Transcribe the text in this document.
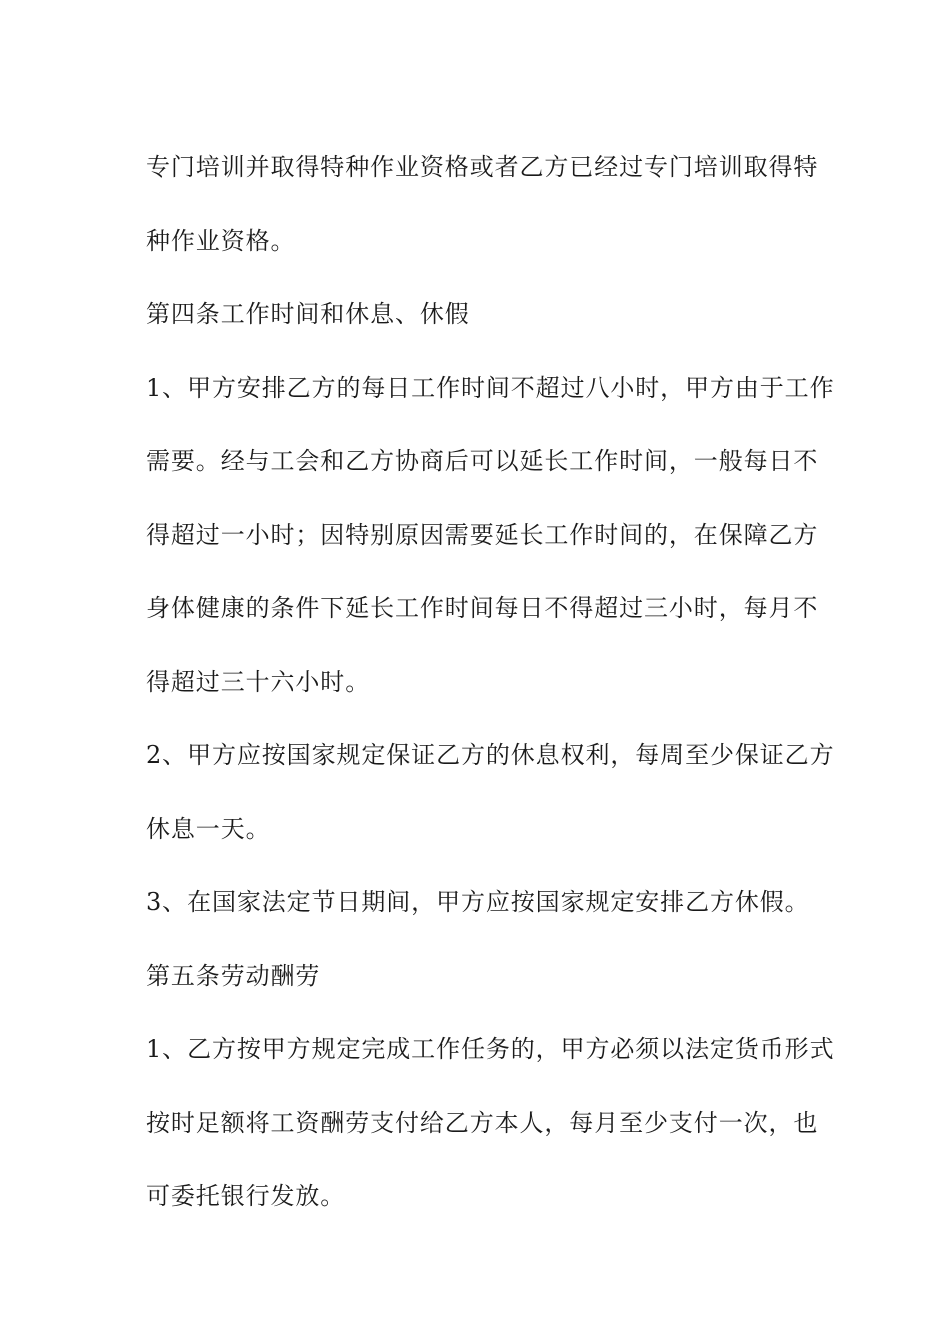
专门培训并取得特种作业资格或者乙方已经过专门培训取得特
种作业资格。
第四条工作时间和休息、休假
1、甲方安排乙方的每日工作时间不超过八小时，甲方由于工作
需要。经与工会和乙方协商后可以延长工作时间，一般每日不
得超过一小时；因特别原因需要延长工作时间的，在保障乙方
身体健康的条件下延长工作时间每日不得超过三小时，每月不
得超过三十六小时。
2、甲方应按国家规定保证乙方的休息权利，每周至少保证乙方
休息一天。
3、在国家法定节日期间，甲方应按国家规定安排乙方休假。
第五条劳动酬劳
1、乙方按甲方规定完成工作任务的，甲方必须以法定货币形式
按时足额将工资酬劳支付给乙方本人，每月至少支付一次，也
可委托银行发放。
